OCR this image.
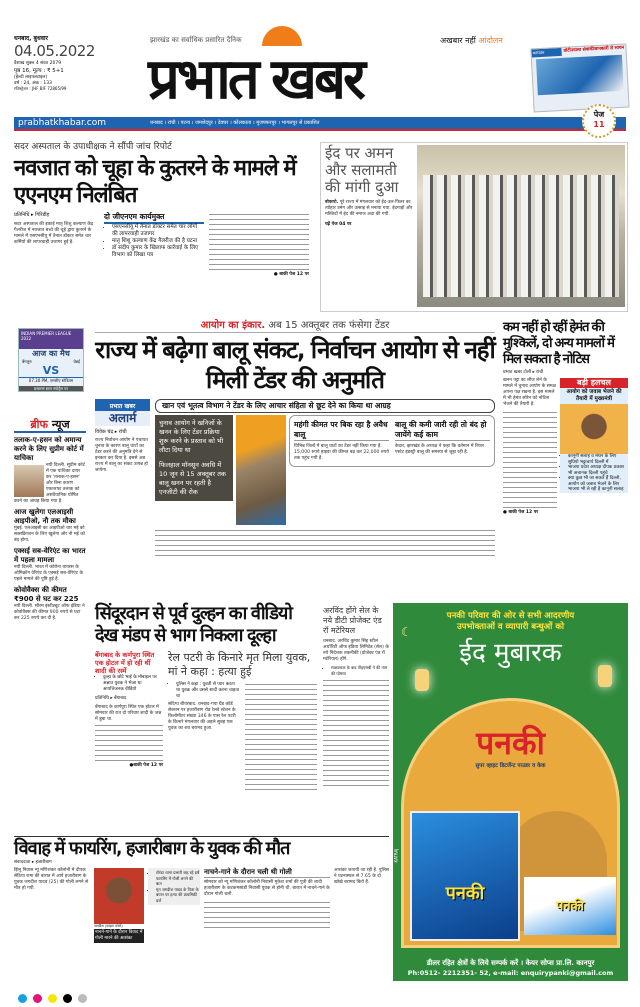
धनबाद, बुधवार
04.05.2022
वैशाख शुक्ल 4 संवत 2079
पृष्ठ 16, मूल्य : ₹ 5+1
(हेल्दी लाइफस्टाइल)
वर्ष : 24, अंक : 133
रजिस्ट्रेशन : JHF BIF 72865/99
झारखंड का सर्वाधिक प्रसारित दैनिक
प्रभात खबर
अखबार नहीं आंदोलन
कल्पतरु	प्रोटीनवाला सेवाकीजानकारी से साधन
prabhatkhabar.com	धनबाद । रांची । पटना । जमशेदपुर । देवघर । कोलकाता । मुजफ्फरपुर । भागलपुर से प्रकाशित
पेज
11
सदर अस्पताल के उपाधीक्षक ने सौंपी जांच रिपोर्ट
नवजात को चूहा के कुतरने के मामले में एएनएम निलंबित
प्रतिनिधि ▸ गिरिडीह
सदर अस्पताल की इकाई मातृ शिशु कल्याण केंद्र गैलरीज में नवजात बच्चे की चूहे द्वारा कुतरने के मामले में एसएनसीयू में तैनात डॉक्टर समेत चार कर्मियों की लापरवाही उजागर हुई है.
दो जीएनएम कार्यमुक्त
• एसएनसीयू में तैनात डॉक्टर समेत चार लोगों की लापरवाही उजागर
• मातृ शिशु कल्याण केंद्र गैलरीज की है घटना
• डॉ संदीप कुमार के खिलाफ कार्रवाई के लिए विभाग को लिखा पत्र
● बाकी पेज 12 पर
ईद पर अमन और सलामती की मांगी दुआ
बोकारो. पूरे राज्य में मंगलवार को ईद-उल-फितर का त्योहार उमंग और उत्साह से मनाया गया. ईदगाहों और मस्जिदों में ईद की नमाज अदा की गयी.
पढ़ें पेज 04 पर
INDIAN PREMIER LEAGUE 2022
आज का मैच
बेंगलुरु	चेन्नई
VS
07.30 PM, एमसीए स्टेडियम
प्रसारण स्टार स्पोर्ट्स पर
ब्रीफ न्यूज
तलाक-ए-हसन को अमान्य करने के लिए सुप्रीम कोर्ट में याचिका
नयी दिल्ली. सुप्रीम कोर्ट में एक याचिका दायर कर 'तलाक-ए-हसन' और बिना कारण एकतरफा तलाक को असंवैधानिक घोषित करने का आग्रह किया गया है.
आज खुलेगा एलआइसी आइपीओ, नौ तक मौका
मुंबई. एलआइसी का आइपीओ चार मई को सब्सक्रिप्शन के लिए खुलेगा और नौ मई को बंद होगा.
एक्सई सब-वेरिएंट का भारत में पहला मामला
नयी दिल्ली. भारत में कोरोना वायरस के ओमिक्रॉन वेरिएंट के एक्सई सब-वेरिएंट के पहले मामले की पुष्टि हुई है.
कोवोवैक्स की कीमत ₹900 से घट कर 225
नयी दिल्ली. सीरम इंस्टीट्यूट ऑफ इंडिया ने कोवोवैक्स की कीमत 900 रुपये से घटा कर 225 रुपये कर दी है.
आयोग का इंकार. अब 15 अक्तूबर तक फंसेगा टेंडर
राज्य में बढ़ेगा बालू संकट, निर्वाचन आयोग से नहीं मिली टेंडर की अनुमति
प्रभात खबर
अलार्म
विवेक चंद्र ▸ रांची
राज्य निर्वाचन आयोग ने पंचायत चुनाव के कारण बालू घाटों का टेंडर करने की अनुमति देने से इनकार कर दिया है. इससे अब राज्य में बालू का संकट उत्पन्न हो जायेगा.
खान एवं भूतत्व विभाग ने टेंडर के लिए आचार संहिता से छूट देने का किया था आग्रह
चुनाव आयोग ने खनिजों के खनन के लिए टेंडर प्रक्रिया शुरू करने के प्रस्ताव को भी लौटा दिया था
फिलहाल मॉनसून अवधि में 10 जून से 15 अक्तूबर तक बालू खनन पर रहती है एनजीटी की रोक
महंगी कीमत पर बिक रहा है अवैध बालू
विभिन्न जिलों में बालू घाटों का टेंडर नहीं किया गया है. 15,000 रुपये हाइवा की कीमत बढ़ कर 22,000 रुपये तक पहुंच गयी है.
बालू की कमी जारी रही तो बंद हो जायेंगे कई काम
केदार, झारखंड के अध्यक्ष ने कहा कि वर्तमान में रियल एस्टेट इंडस्ट्री बालू की समस्या से जूझ रही है.
कम नहीं हो रहीं हेमंत की मुश्किलें, दो अन्य मामलों में मिल सकता है नोटिस
प्रभात खबर टोली ▸ रांची
खनन पट्टा का लीज लेने के मामले में चुनाव आयोग के समक्ष अपना पक्ष रखना है. इस मामले में भी हेमंत सोरेन को नोटिस भेजने की तैयारी है.
● बाकी पेज 12 पर
बड़ी हलचल
आयोग को जवाब भेजने की तैयारी में मुख्यमंत्री
• कानूनी सलाह व मंथन के लिए सुप्रियो भट्टाचार्य दिल्ली में
• भाजपा प्रदेश अध्यक्ष दीपक प्रकाश भी अचानक दिल्ली पहुंचे
• क्या कुछ भी जा सकते हैं दिल्ली, आयोग को जवाब भेजने के लिए भाजपा भी ले रही है कानूनी सलाह
सिंदूरदान से पूर्व दुल्हन का वीडियो देख मंडप से भाग निकला दूल्हा
बेंगाबाद के कर्णपुरा स्थित एक होटल में हो रही थीं शादी की रस्में
• दुल्हा के छोटे भाई के मोबाइल पर अज्ञात युवक ने भेजा था आपत्तिजनक वीडियो
प्रतिनिधि ▸ बेंगाबाद
बेंगाबाद के कर्णपुरा स्थित एक होटल में सोमवार की रात दो परिवार शादी के जश्न में डूबा था.
●बाकी पेज 12 पर
रेल पटरी के किनारे मृत मिला युवक, मां ने कहा : हत्या हुई
• पुलिस ने कहा : युवती से प्यार करता था युवक और उससे शादी करना चाहता था
संदिग्ध बीयरबाद. धनबाद-गया ग्रैंड कॉर्ड सेक्शन पर हजारीबाग रोड रेलवे स्टेशन के किलोमीटर संख्या 346 के पास रेल पटरी के किनारे मंगलवार की अहले सुबह एक युवक का शव बरामद हुआ.
अरविंद होंगे सेल के नये डीटी प्रोजेक्ट एंड रॉ मटेरियल
धनबाद. अरविंद कुमार सिंह स्टील अथॉरिटी ऑफ इंडिया लिमिटेड (सेल) के नये निदेशक तकनीकी (प्रोजेक्ट एंड रॉ मटेरियल) होंगे.
• साक्षात्कार के बाद पीइएसबी ने की नाम की घोषणा
पनकी परिवार की ओर से सभी आदरणीय
उपभोक्ताओं व व्यापारी बन्धुओं को
ईद मुबारक
☾
पनकी
सुपर व्हाइट डिटर्जेन्ट पाउडर व केक
पनकी
पनकी
KATRAJ
डीलर रहित क्षेत्रों के लिये सम्पर्क करें । केयर सोप्स प्रा.लि. कानपुर
Ph:0512- 2212351- 52, e-mail: enquirypanki@gmail.com
विवाह में फायरिंग, हजारीबाग के युवक की मौत
संवाददाता ▸ हजारीबाग
झिनु निवास न्यू मणिशंकर कॉलोनी में दीपक सेठिया रामा की बारात में आये हजारीबाग के युवक जगदीश यादव (25) की गोली लगने से मौत हो गयी.
जगदीश (फाइल फोटो)
नाचने-गाने के दौरान विवाद में गोली मारने की आशंका
• टोरंडा थाना प्रभारी कह रहे हर्ष फायरिंग में गोली लगने की बात
• मृत जगदीश यादव के पिता के बयान पर हत्या की प्राथमिकी दर्ज
नाचने-गाने के दौरान चली थी गोली
सोमवार को न्यू मणिशंकर कॉलोनी निवासी मुकेश शर्मा की पुत्री की शादी हजारीबाग के कटकमसांडी निवासी युवक से होनी थी. बारात में नाचने-गाने के दौरान गोली चली.
आशंका जतायी जा रही है. पुलिस ने घटनास्थल से 7.65 के दो खोखे बरामद किये हैं.
